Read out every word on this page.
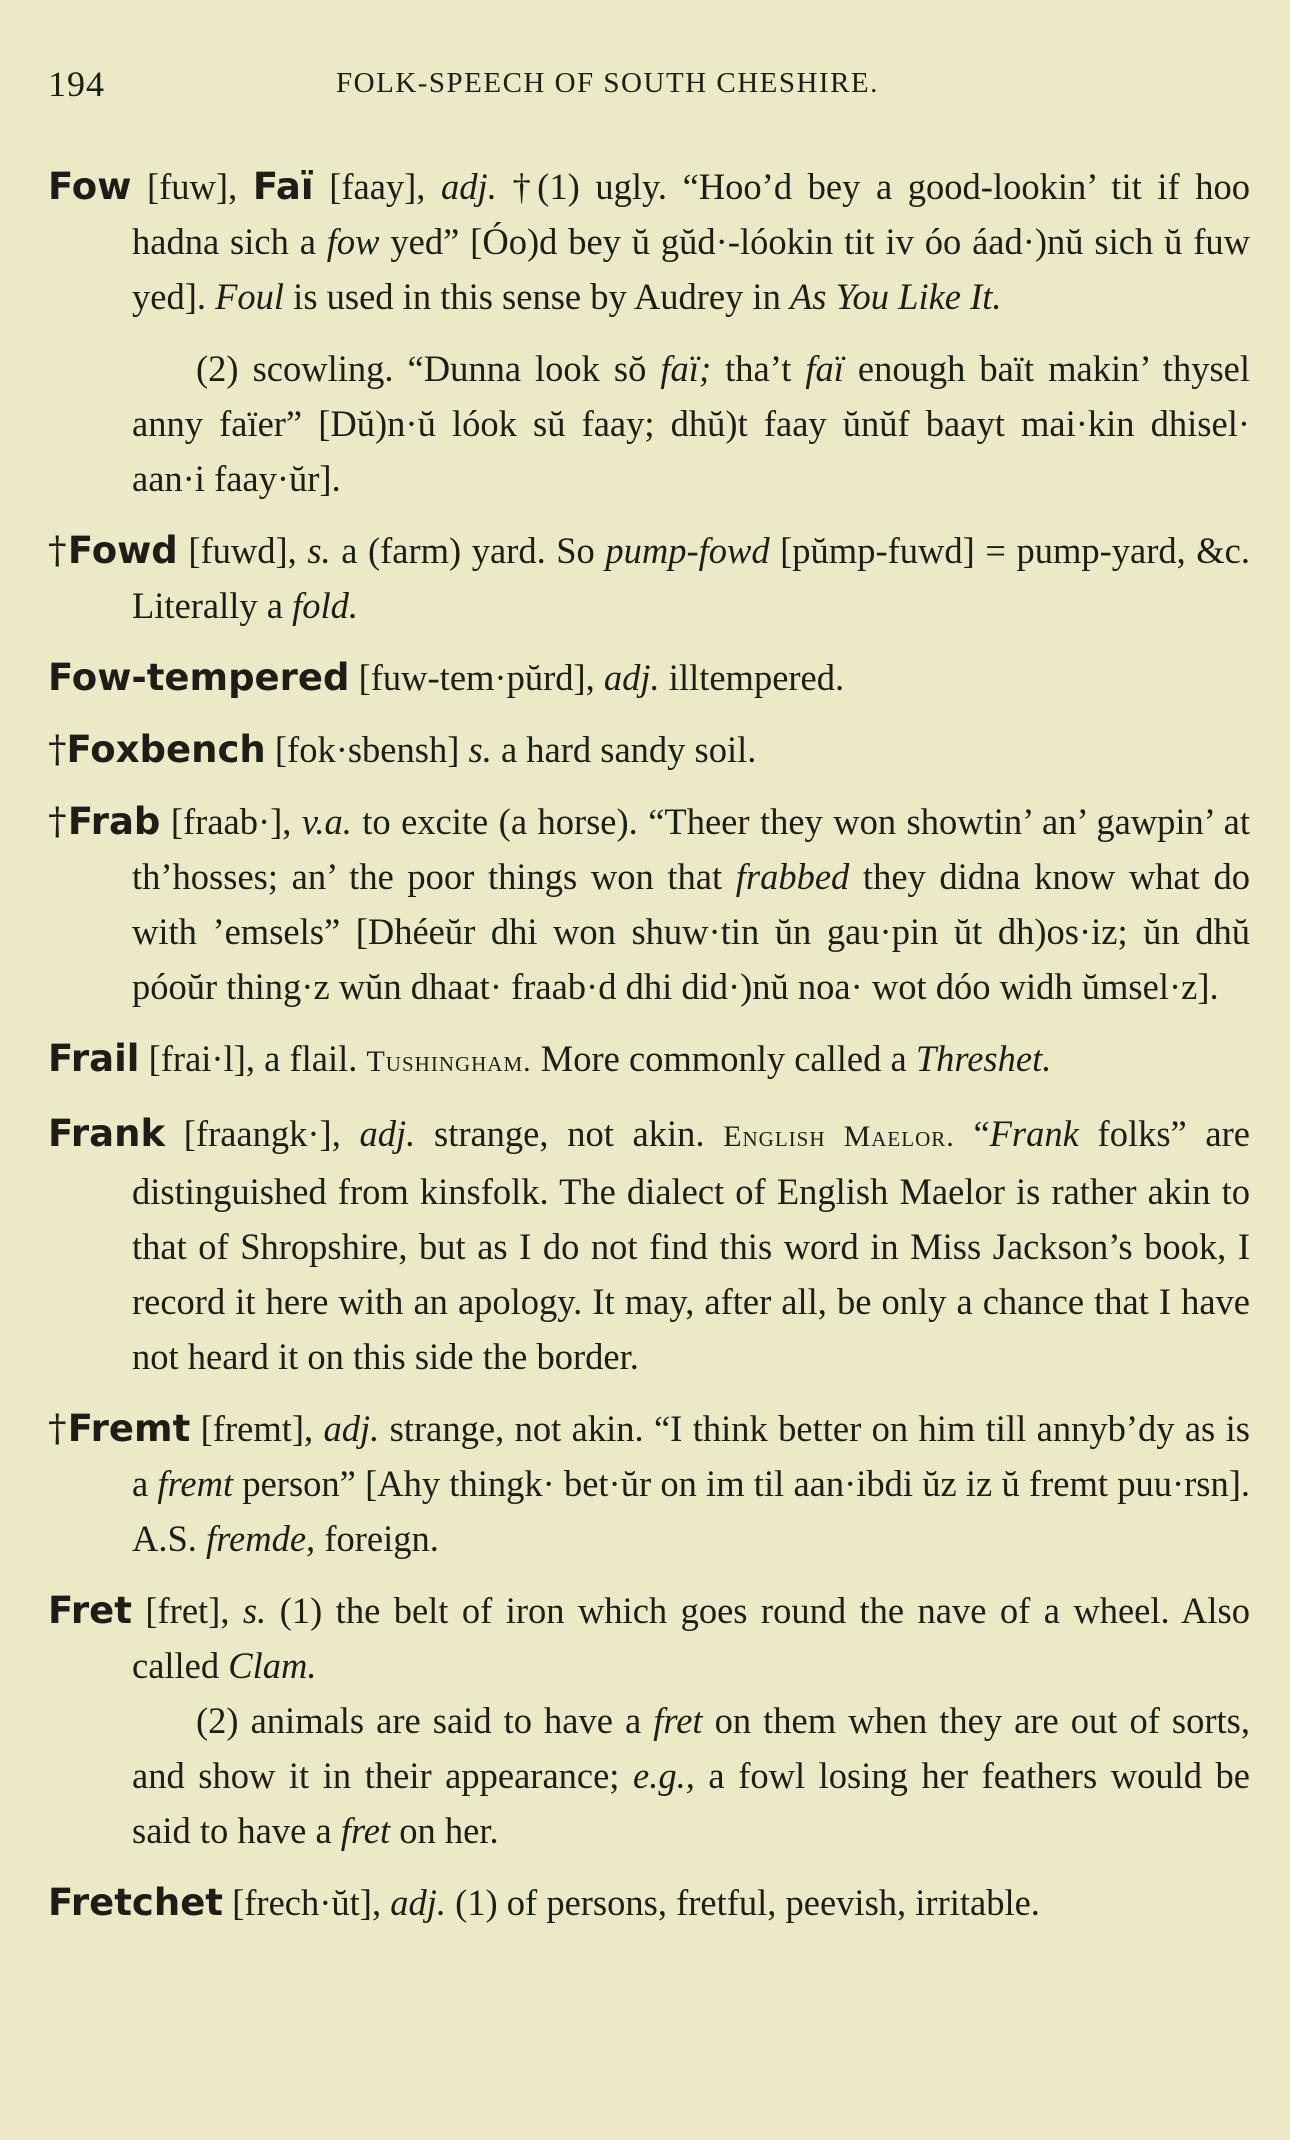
194	FOLK-SPEECH OF SOUTH CHESHIRE.

Fow [fuw], Faï [faay], adj. †(1) ugly. “Hoo’d bey a good-lookin’ tit if hoo hadna sich a fow yed” [Óo)d bey ŭ gŭd·-lóokin tit iv óo áad·)nŭ sich ŭ fuw yed]. Foul is used in this sense by Audrey in As You Like It.

(2) scowling. “Dunna look sŏ faï; tha’t faï enough baït makin’ thysel anny faïer” [Dŭ)n·ŭ lóok sŭ faay; dhŭ)t faay ŭnŭf baayt mai·kin dhisel· aan·i faay·ŭr].

†Fowd [fuwd], s. a (farm) yard. So pump-fowd [pŭmp-fuwd] = pump-yard, &c. Literally a fold.

Fow-tempered [fuw-tem·pŭrd], adj. illtempered.

†Foxbench [fok·sbensh] s. a hard sandy soil.

†Frab [fraab·], v.a. to excite (a horse). “Theer they won showtin’ an’ gawpin’ at th’hosses; an’ the poor things won that frabbed they didna know what do with ’emsels” [Dhéeŭr dhi won shuw·tin ŭn gau·pin ŭt dh)os·iz; ŭn dhŭ póoŭr thing·z wŭn dhaat· fraab·d dhi did·)nŭ noa· wot dóo widh ŭmsel·z].

Frail [frai·l], a flail. Tushingham. More commonly called a Threshet.

Frank [fraangk·], adj. strange, not akin. English Maelor. “Frank folks” are distinguished from kinsfolk. The dialect of English Maelor is rather akin to that of Shropshire, but as I do not find this word in Miss Jackson’s book, I record it here with an apology. It may, after all, be only a chance that I have not heard it on this side the border.

†Fremt [fremt], adj. strange, not akin. “I think better on him till annyb’dy as is a fremt person” [Ahy thingk· bet·ŭr on im til aan·ibdi ŭz iz ŭ fremt puu·rsn]. A.S. fremde, foreign.

Fret [fret], s. (1) the belt of iron which goes round the nave of a wheel. Also called Clam.

(2) animals are said to have a fret on them when they are out of sorts, and show it in their appearance; e.g., a fowl losing her feathers would be said to have a fret on her.

Fretchet [frech·ŭt], adj. (1) of persons, fretful, peevish, irritable.
